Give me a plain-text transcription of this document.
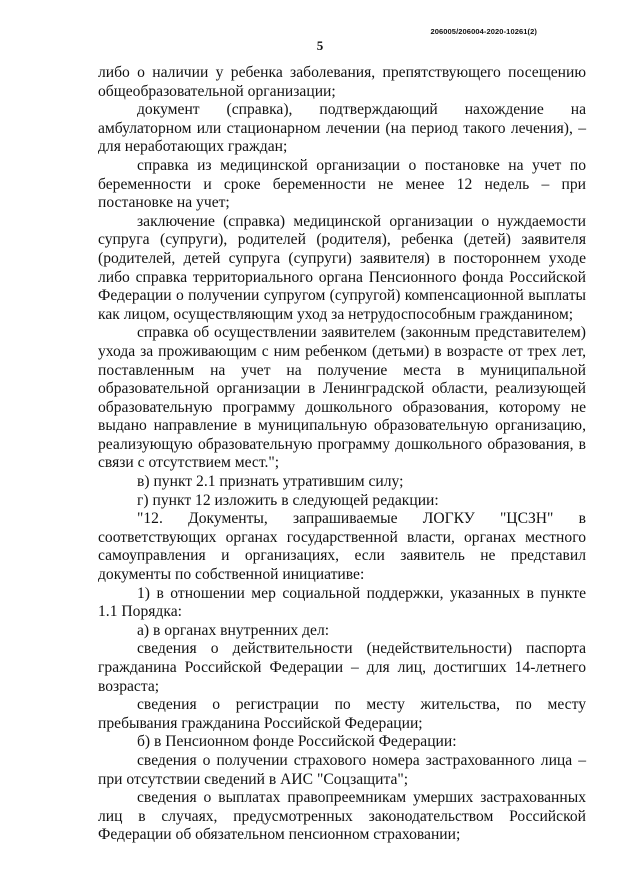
206005/206004-2020-10261(2)
5

либо о наличии у ребенка заболевания, препятствующего посещению общеобразовательной организации;

документ (справка), подтверждающий нахождение на амбулаторном или стационарном лечении (на период такого лечения), – для неработающих граждан;

справка из медицинской организации о постановке на учет по беременности и сроке беременности не менее 12 недель – при постановке на учет;

заключение (справка) медицинской организации о нуждаемости супруга (супруги), родителей (родителя), ребенка (детей) заявителя (родителей, детей супруга (супруги) заявителя) в постороннем уходе либо справка территориального органа Пенсионного фонда Российской Федерации о получении супругом (супругой) компенсационной выплаты как лицом, осуществляющим уход за нетрудоспособным гражданином;

справка об осуществлении заявителем (законным представителем) ухода за проживающим с ним ребенком (детьми) в возрасте от трех лет, поставленным на учет на получение места в муниципальной образовательной организации в Ленинградской области, реализующей образовательную программу дошкольного образования, которому не выдано направление в муниципальную образовательную организацию, реализующую образовательную программу дошкольного образования, в связи с отсутствием мест.";

в) пункт 2.1 признать утратившим силу;

г) пункт 12 изложить в следующей редакции:

"12. Документы, запрашиваемые ЛОГКУ "ЦСЗН" в соответствующих органах государственной власти, органах местного самоуправления и организациях, если заявитель не представил документы по собственной инициативе:

1) в отношении мер социальной поддержки, указанных в пункте 1.1 Порядка:

а) в органах внутренних дел:

сведения о действительности (недействительности) паспорта гражданина Российской Федерации – для лиц, достигших 14-летнего возраста;

сведения о регистрации по месту жительства, по месту пребывания гражданина Российской Федерации;

б) в Пенсионном фонде Российской Федерации:

сведения о получении страхового номера застрахованного лица – при отсутствии сведений в АИС "Соцзащита";

сведения о выплатах правопреемникам умерших застрахованных лиц в случаях, предусмотренных законодательством Российской Федерации об обязательном пенсионном страховании;
